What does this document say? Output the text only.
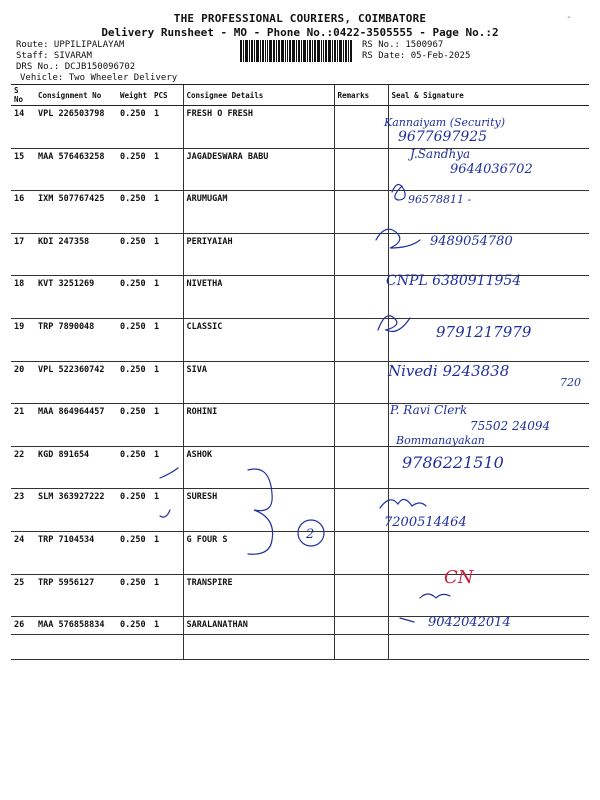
-
THE PROFESSIONAL COURIERS, COIMBATORE
Delivery Runsheet - MO - Phone No.:0422-3505555 - Page No.:2
Route: UPPILIPALAYAM
Staff: SIVARAM
DRS No.: DCJB150096702
Vehicle: Two Wheeler Delivery
RS No.: 1500967
RS Date: 05-Feb-2025
S No	Consignment No	Weight	PCS	Consignee Details	Remarks	Seal & Signature
14	VPL 226503798	0.250	1	FRESH O FRESH		
15	MAA 576463258	0.250	1	JAGADESWARA BABU		
16	IXM 507767425	0.250	1	ARUMUGAM		
17	KDI 247358	0.250	1	PERIYAIAH		
18	KVT 3251269	0.250	1	NIVETHA		
19	TRP 7890048	0.250	1	CLASSIC		
20	VPL 522360742	0.250	1	SIVA		
21	MAA 864964457	0.250	1	ROHINI		
22	KGD 891654	0.250	1	ASHOK		
23	SLM 363927222	0.250	1	SURESH		
24	TRP 7104534	0.250	1	G FOUR S		
25	TRP 5956127	0.250	1	TRANSPIRE		
26	MAA 576858834	0.250	1	SARALANATHAN		
Kannaiyam (Security)
9677697925
J.Sandhya
9644036702
96578811 -
9489054780
CNPL 6380911954
9791217979
Nivedi 9243838
720
P. Ravi Clerk
75502 24094
Bommanayakan
9786221510
7200514464
CN
9042042014
2
